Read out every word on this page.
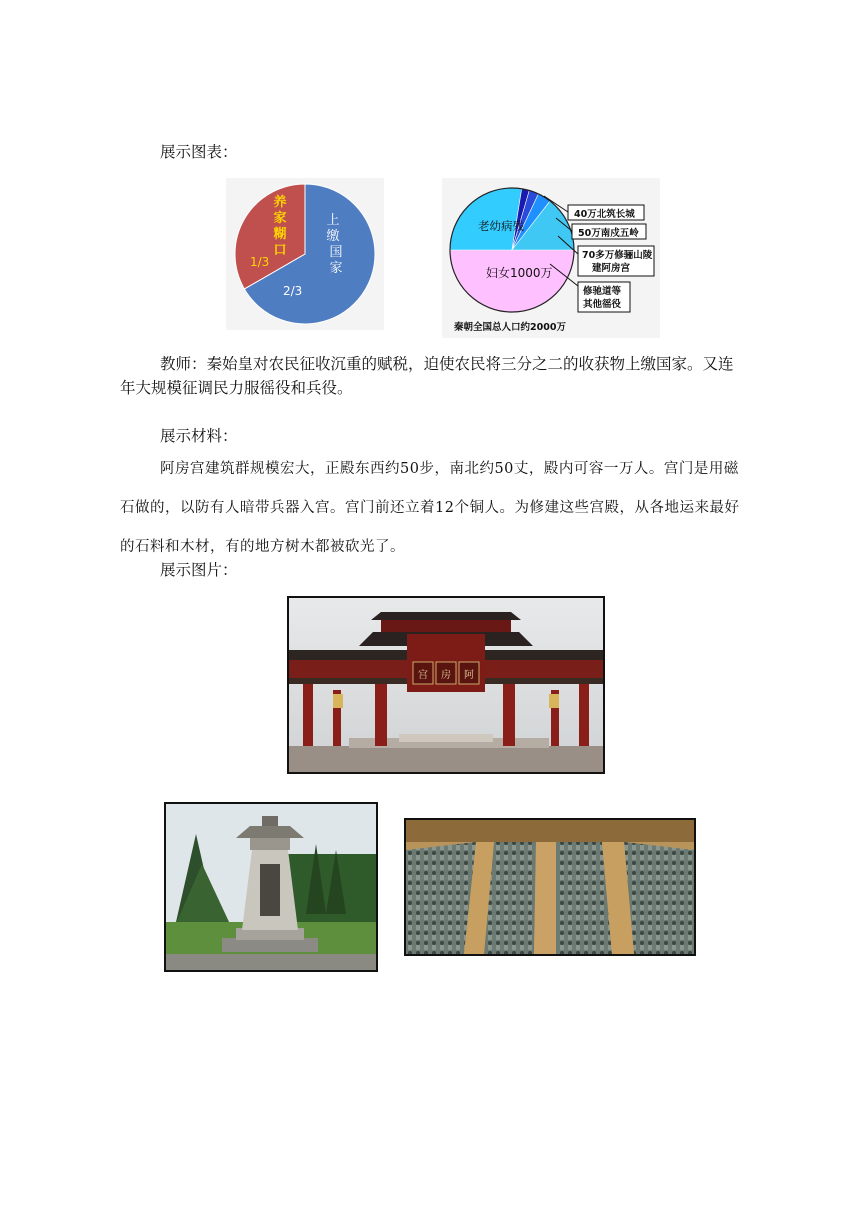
展示图表：
上缴国家
养家糊口
1/3
2/3
老幼病残
妇女1000万
40万北筑长城
50万南戍五岭
70多万修骊山陵
建阿房宫
修驰道等
其他徭役
秦朝全国总人口约2000万
教师：秦始皇对农民征收沉重的赋税，迫使农民将三分之二的收获物上缴国家。又连年大规模征调民力服徭役和兵役。
展示材料：
阿房宫建筑群规模宏大，正殿东西约50步，南北约50丈，殿内可容一万人。宫门是用磁石做的，以防有人暗带兵器入宫。宫门前还立着12个铜人。为修建这些宫殿，从各地运来最好的石料和木材，有的地方树木都被砍光了。
展示图片：
宫 房 阿
